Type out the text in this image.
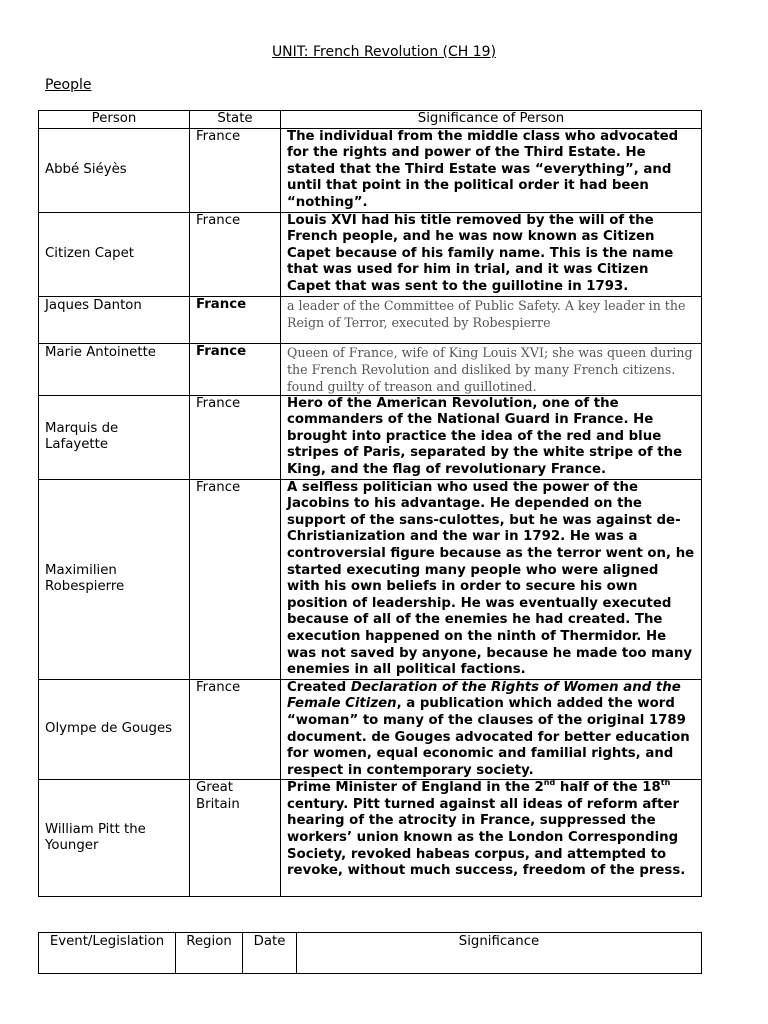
UNIT: French Revolution (CH 19)
People
Person	State	Significance of Person
Abbé Siéyès	France	The individual from the middle class who advocated for the rights and power of the Third Estate. He stated that the Third Estate was “everything”, and until that point in the political order it had been “nothing”.
Citizen Capet	France	Louis XVI had his title removed by the will of the French people, and he was now known as Citizen Capet because of his family name. This is the name that was used for him in trial, and it was Citizen Capet that was sent to the guillotine in 1793.
Jaques Danton	France	a leader of the Committee of Public Safety. A key leader in the Reign of Terror, executed by Robespierre
Marie Antoinette	France	Queen of France, wife of King Louis XVI; she was queen during the French Revolution and disliked by many French citizens. found guilty of treason and guillotined.
Marquis de Lafayette	France	Hero of the American Revolution, one of the commanders of the National Guard in France. He brought into practice the idea of the red and blue stripes of Paris, separated by the white stripe of the King, and the flag of revolutionary France.
Maximilien Robespierre	France	A selfless politician who used the power of the Jacobins to his advantage. He depended on the support of the sans-culottes, but he was against de-Christianization and the war in 1792. He was a controversial figure because as the terror went on, he started executing many people who were aligned with his own beliefs in order to secure his own position of leadership. He was eventually executed because of all of the enemies he had created. The execution happened on the ninth of Thermidor. He was not saved by anyone, because he made too many enemies in all political factions.
Olympe de Gouges	France	Created Declaration of the Rights of Women and the Female Citizen, a publication which added the word “woman” to many of the clauses of the original 1789 document. de Gouges advocated for better education for women, equal economic and familial rights, and respect in contemporary society.
William Pitt the Younger	Great Britain	Prime Minister of England in the 2nd half of the 18th century. Pitt turned against all ideas of reform after hearing of the atrocity in France, suppressed the workers’ union known as the London Corresponding Society, revoked habeas corpus, and attempted to revoke, without much success, freedom of the press.
Event/Legislation	Region	Date	Significance
